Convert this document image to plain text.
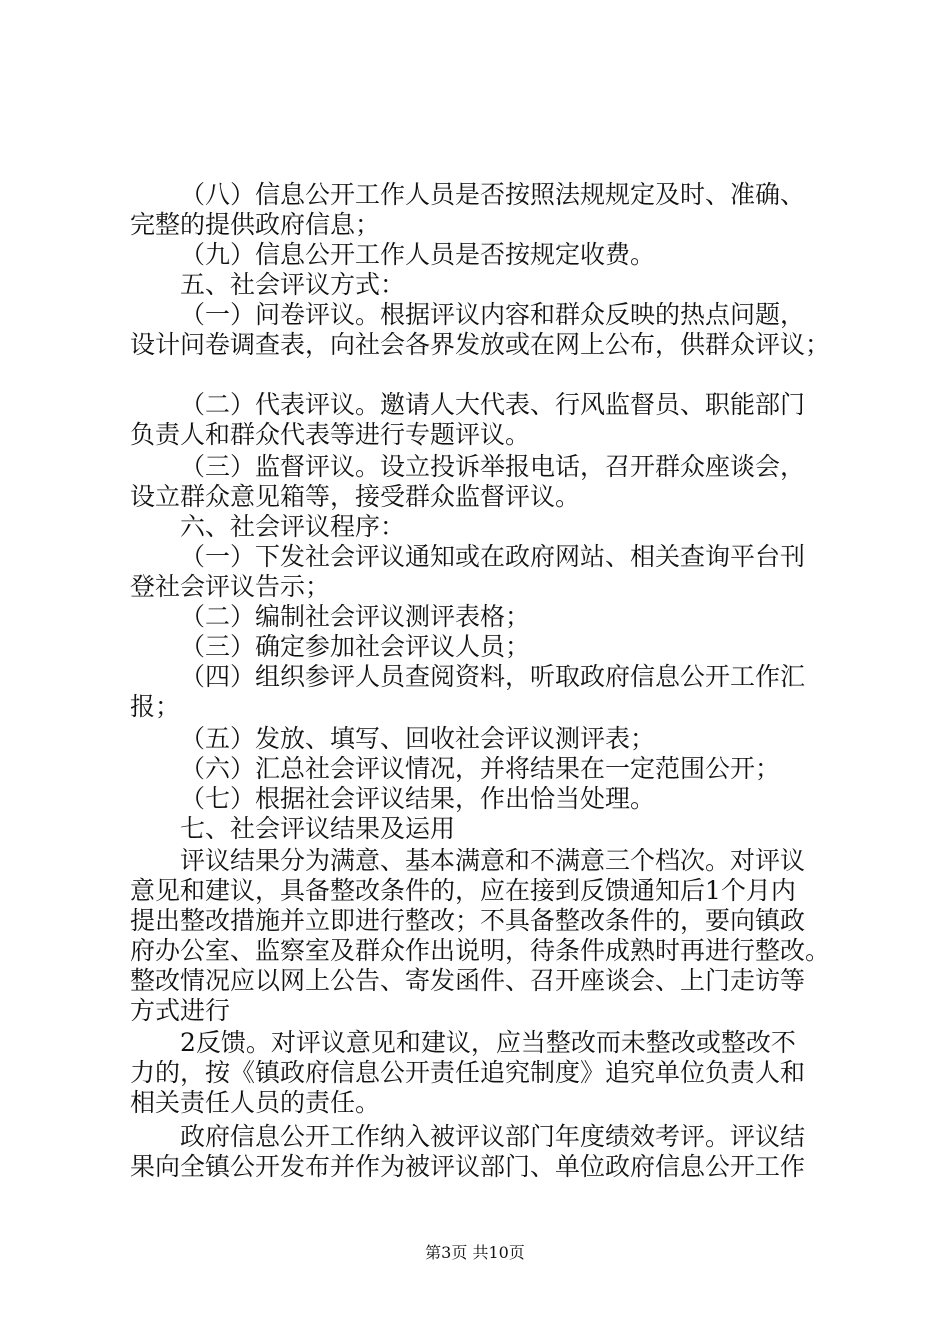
（八）信息公开工作人员是否按照法规规定及时、准确、
完整的提供政府信息；
（九）信息公开工作人员是否按规定收费。
五、社会评议方式：
（一）问卷评议。根据评议内容和群众反映的热点问题，
设计问卷调查表，向社会各界发放或在网上公布，供群众评议；
（二）代表评议。邀请人大代表、行风监督员、职能部门
负责人和群众代表等进行专题评议。
（三）监督评议。设立投诉举报电话，召开群众座谈会，
设立群众意见箱等，接受群众监督评议。
六、社会评议程序：
（一）下发社会评议通知或在政府网站、相关查询平台刊
登社会评议告示；
（二）编制社会评议测评表格；
（三）确定参加社会评议人员；
（四）组织参评人员查阅资料，听取政府信息公开工作汇
报；
（五）发放、填写、回收社会评议测评表；
（六）汇总社会评议情况，并将结果在一定范围公开；
（七）根据社会评议结果，作出恰当处理。
七、社会评议结果及运用
评议结果分为满意、基本满意和不满意三个档次。对评议
意见和建议，具备整改条件的，应在接到反馈通知后1个月内
提出整改措施并立即进行整改；不具备整改条件的，要向镇政
府办公室、监察室及群众作出说明，待条件成熟时再进行整改。
整改情况应以网上公告、寄发函件、召开座谈会、上门走访等
方式进行
2反馈。对评议意见和建议，应当整改而未整改或整改不
力的，按《镇政府信息公开责任追究制度》追究单位负责人和
相关责任人员的责任。
政府信息公开工作纳入被评议部门年度绩效考评。评议结
果向全镇公开发布并作为被评议部门、单位政府信息公开工作
第3页 共10页
